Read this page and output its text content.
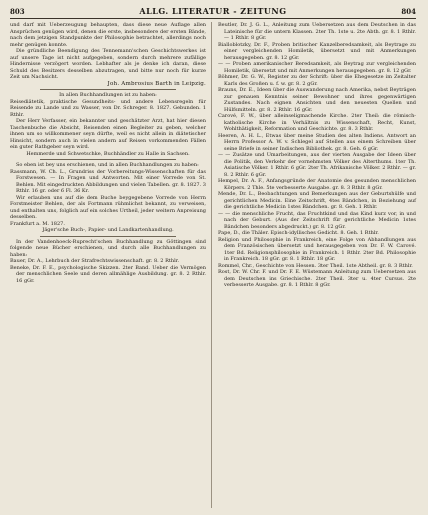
803	ALLG. LITERATUR - ZEITUNG	804

und darf mit Ueberzeugung behaupten, dass diese neue Auflage allen Ansprüchen genügen wird, denen die erste, insbesondere der ersten Bände, nach dem jetzigen Standpunkte der Philosophie betrachtet, allerdings noch mehr genügen konnte.

Die gründliche Beendigung des Tennemann'schen Geschichtswerkes ist auf unsere Tage ist nicht aufgegeben, sondern durch mehrere zufällige Hindernisse verzögert worden. Lebhafter als je denke ich daran, diese Schuld des Besitzers desselben abzutragen, und bitte nur noch für kurze Zeit um Nachsicht.

Joh. Ambrosius Barth in Leipzig.

In allen Buchhandlungen ist zu haben:

Reisediätetik, praktische Gesundheits- und andere Lebensregeln für Reisende zu Lande und zu Wasser, von Dr. Schreger. 8. 1827. Gebunden. 1 Rthlr.

Der Herr Verfasser, ein bekannter und geschätzter Arzt, hat hier diesen Taschenbuche die Absicht, Reisenden einen Begleiter zu geben, welcher ihnen um so willkommener seyn dürfte, weil es nicht allein in diätetischer Hinsicht, sondern auch in vielen andern auf Reisen vorkommenden Fällen ein guter Rathgeber seyn wird.

Hemmerde und Schwetschke, Buchhändler zu Halle in Sachsen.

So eben ist bey uns erschienen, und in allen Buchhandlungen zu haben:

Rassmann, W. Ch. L., Grundriss der Vorbereitungs-Wissenschaften für das Forstwesen. — In Fragen und Antworten. Mit einer Vorrede von St. Behlen. Mit eingedruckten Abbildungen und vielen Tabellen. gr. 8. 1827. 3 Rthlr. 16 gr. oder 6 Fl. 36 Kr.

Wir erlauben uns auf die dem Buche beygegebene Vorrede von Herrn Forstmeister Behlen, der als Fortmann rühmlichst bekannt, zu verweisen, und enthalten uns, folglich auf ein solches Urtheil, jeder weitern Anpreisung desselben.

Frankfurt a. M. 1827.

Jäger'sche Buch-, Papier- und Landkartenhandlung.

In der Vandenhoeck-Ruprecht'schen Buchhandlung zu Göttingen sind folgende neue Bücher erschienen, und durch alle Buchhandlungen zu haben:

Bauer, Dr. A., Lehrbuch der Strafrechtswissenschaft. gr. 8. 2 Rthlr.

Beneke, Dr. F. E., psychologische Skizzen. 2ter Band. Ueber die Vermögen der menschlichen Seele und deren allmählige Ausbildung. gr. 8. 2 Rthlr. 16 gGr.

Beutler, Dr. J. G. L., Anleitung zum Uebersetzen aus dem Deutschen in das Lateinische für die untern Klassen. 2ter Th. 1ste u. 2te Abth. gr. 8. 1 Rthlr. — 1 Rthlr. 8 gGr.

Bialloblotzky, Dr. F., Proben britischer Kanzelberedsamkeit, als Beytrage zu einer vergleichenden Homiletik, übersetzt und mit Anmerkungen herausgegeben. gr. 8. 12 gGr.

— — Proben amerikanischer Beredsamkeit, als Beytrag zur vergleichenden Homiletik, übersetzt und mit Anmerkungen herausgegeben. gr. 8. 12 gGr.

Böhmer, Dr. G. W., Register zu der Schrift: über die Ehegesetze im Zeitalter Karls des Großen u. f. w. gr. 8. 2 gGr.

Brauns, Dr. E., Ideen über die Auswanderung nach Amerika, nebst Beyträgen zur genauen Kenntnis seiner Bewohner und ihres gegenwärtigen Zustandes. Nach eignen Ansichten und den neuesten Quellen und Hülfsmitteln. gr. 8. 2 Rthlr. 16 gGr.

Carové, F. W., über alleinseligmachende Kirche. 2ter Theil: die römisch-katholische Kirche in Verhältnis zu Wissenschaft, Recht, Kunst, Wohlthätigkeit, Reformation und Geschichte. gr. 8. 3 Rthlr.

Heeren, A. H. L., Etwas über meine Studien des alten Indiens. Antwort an Herrn Professor A. W. v. Schlegel auf Stellen aus einem Schreiben über seine Briefe in seiner Indischen Bibliothek. gr. 8. Geh. 6 gGr.

— — Zusätze und Umarbeitungen, aus der vierten Ausgabe der Ideen über die Politik, den Verkehr der vornehmsten Völker des Alterthums. 1ter Th. Asiatische Völker. 1 Rthlr. 6 gGr. 2ter Th. Afrikanische Völker. 2 Rthlr. — gr. 8. 2 Rthlr. 6 gGr.

Hempel, Dr. A. F., Anfangsgründe der Anatomie des gesunden menschlichen Körpers. 2 Thle. 5te verbesserte Ausgabe. gr. 8. 3 Rthlr. 8 gGr.

Mende, Dr. L., Beobachtungen und Bemerkungen aus der Geburtshülfe und gerichtlichen Medicin. Eine Zeitschrift, 4tes Bändchen, in Beziehung auf die gerichtliche Medicin 1stes Bändchen. gr. 8. Geh. 1 Rthlr.

— — die menschliche Frucht, das Fruchtkind und das Kind kurz vor, in und nach der Geburt. (Aus der Zeitschrift für gerichtliche Medicin 1stes Bändchen besonders abgedruckt.) gr. 8. 12 gGr.

Pape, D., die Thäler. Episch-idyllisches Gedicht. 8. Geh. 1 Rthlr.

Religion und Philosophie in Frankreich, eine Folge von Abhandlungen aus dem Französischen übersetzt und herausgegeben von Dr. F. W. Carové. 1ter Bd. Religionsphilosophie in Frankreich. 1 Rthlr. 2ter Bd. Philosophie in Frankreich. 18 gGr. gr. 8. 1 Rthlr. 18 gGr.

Rommel, Chr., Geschichte von Hessen. 3ter Theil. 1ste Abtheil. gr. 8. 3 Rthlr.

Rost, Dr. W. Chr. F. und Dr. F. E. Wüstemann Anleitung zum Uebersetzen aus dem Deutschen ins Griechische. 2ter Theil. 3ter u. 4ter Cursus. 2te verbesserte Ausgabe. gr. 8. 1 Rthlr. 8 gGr.
